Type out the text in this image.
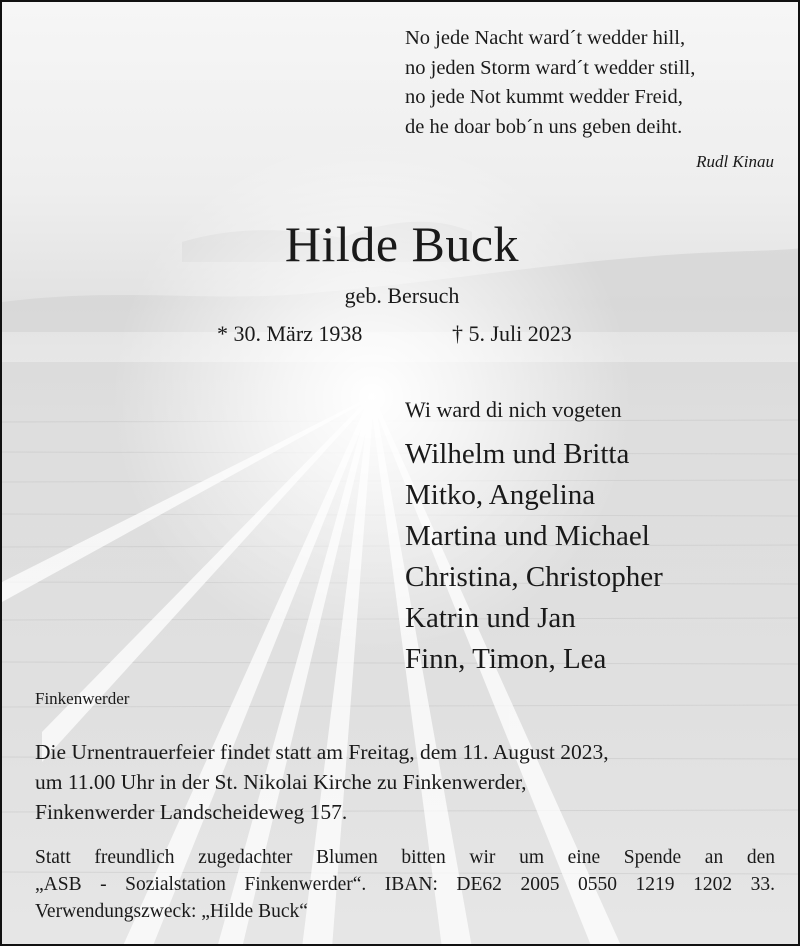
No jede Nacht ward´t wedder hill,
no jeden Storm ward´t wedder still,
no jede Not kummt wedder Freid,
de he doar bob´n uns geben deiht.
Rudl Kinau
Hilde Buck
geb. Bersuch
* 30. März 1938	† 5. Juli 2023
Wi ward di nich vogeten
Wilhelm und Britta
Mitko, Angelina
Martina und Michael
Christina, Christopher
Katrin und Jan
Finn, Timon, Lea
Finkenwerder
Die Urnentrauerfeier findet statt am Freitag, dem 11. August 2023,
um 11.00 Uhr in der St. Nikolai Kirche zu Finkenwerder,
Finkenwerder Landscheideweg 157.
Statt freundlich zugedachter Blumen bitten wir um eine Spende an den
„ASB - Sozialstation Finkenwerder“. IBAN: DE62 2005 0550 1219 1202 33.
Verwendungszweck: „Hilde Buck“
